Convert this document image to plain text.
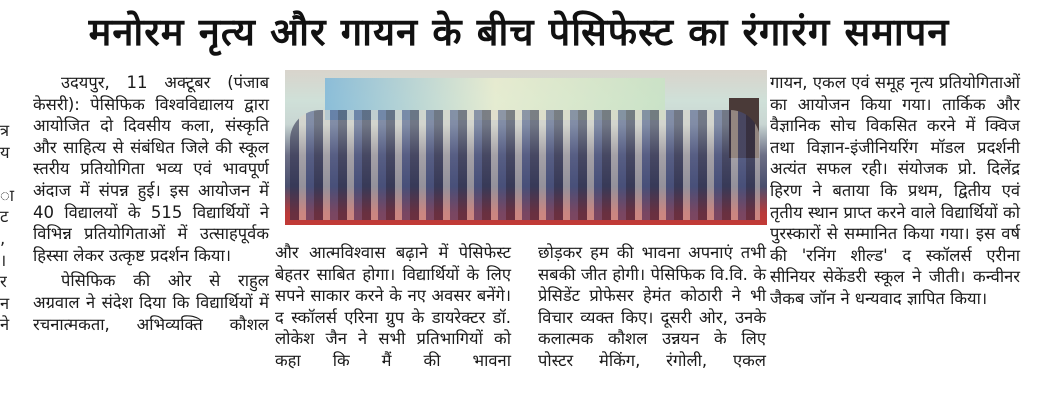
मनोरम नृत्य और गायन के बीच पेसिफेस्ट का रंगारंग समापन
त्र
य

ा
ट
,
।
र
न
ने

उदयपुर, 11 अक्टूबर (पंजाब केसरी): पेसिफिक विश्वविद्यालय द्वारा आयोजित दो दिवसीय कला, संस्कृति और साहित्य से संबंधित जिले की स्कूल स्तरीय प्रतियोगिता भव्य एवं भावपूर्ण अंदाज में संपन्न हुई। इस आयोजन में 40 विद्यालयों के 515 विद्यार्थियों ने विभिन्न प्रतियोगिताओं में उत्साहपूर्वक हिस्सा लेकर उत्कृष्ट प्रदर्शन किया।

पेसिफिक की ओर से राहुल अग्रवाल ने संदेश दिया कि विद्यार्थियों में रचनात्मकता, अभिव्यक्ति कौशल

और आत्मविश्वास बढ़ाने में पेसिफेस्ट बेहतर साबित होगा। विद्यार्थियों के लिए सपने साकार करने के नए अवसर बनेंगे। द स्कॉलर्स एरिना ग्रुप के डायरेक्टर डॉ. लोकेश जैन ने सभी प्रतिभागियों को कहा कि मैं की भावना

छोड़कर हम की भावना अपनाएं तभी सबकी जीत होगी। पेसिफिक वि.वि. के प्रेसिडेंट प्रोफेसर हेमंत कोठारी ने भी विचार व्यक्त किए। दूसरी ओर, उनके कलात्मक कौशल उन्नयन के लिए पोस्टर मेकिंग, रंगोली, एकल

गायन, एकल एवं समूह नृत्य प्रतियोगिताओं का आयोजन किया गया। तार्किक और वैज्ञानिक सोच विकसित करने में क्विज तथा विज्ञान-इंजीनियरिंग मॉडल प्रदर्शनी अत्यंत सफल रही। संयोजक प्रो. दिलेंद्र हिरण ने बताया कि प्रथम, द्वितीय एवं तृतीय स्थान प्राप्त करने वाले विद्यार्थियों को पुरस्कारों से सम्मानित किया गया। इस वर्ष की 'रनिंग शील्ड' द स्कॉलर्स एरीना सीनियर सेकेंडरी स्कूल ने जीती। कन्वीनर जैकब जॉन ने धन्यवाद ज्ञापित किया।
